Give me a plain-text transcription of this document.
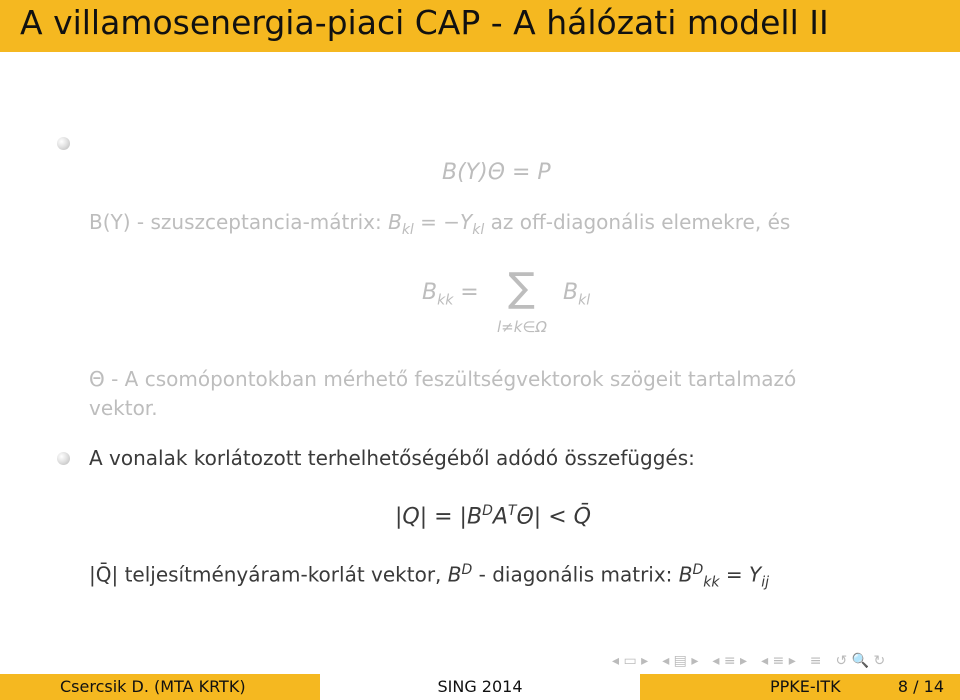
A villamosenergia-piaci CAP - A hálózati modell II
B(Y)Θ = P
B(Y) - szuszceptancia-mátrix: $B_{kl} = -Y_{kl}$ az off-diagonális elemekre, és
$B_{kk}$ = ∑
l≠k∈Ω
$B_{kl}$
Θ - A csomópontokban mérhető feszültségvektorok szögeit tartalmazó
vektor.
A vonalak korlátozott terhelhetőségéből adódó összefüggés:
$|Q| = |B^DA^T\Theta|$ < Q̄
|Q̄| teljesítményáram-korlát vektor, $B^D$ - diagonális matrix: $B^D_{kk} = Y_{ij}$
◂ ▭ ▸ ◂ ▤ ▸ ◂ ≡ ▸ ◂ ≡ ▸ ≡ ↺ 🔍 ↻
Csercsik D. (MTA KRTK)	SING 2014	PPKE-ITK	8 / 14
